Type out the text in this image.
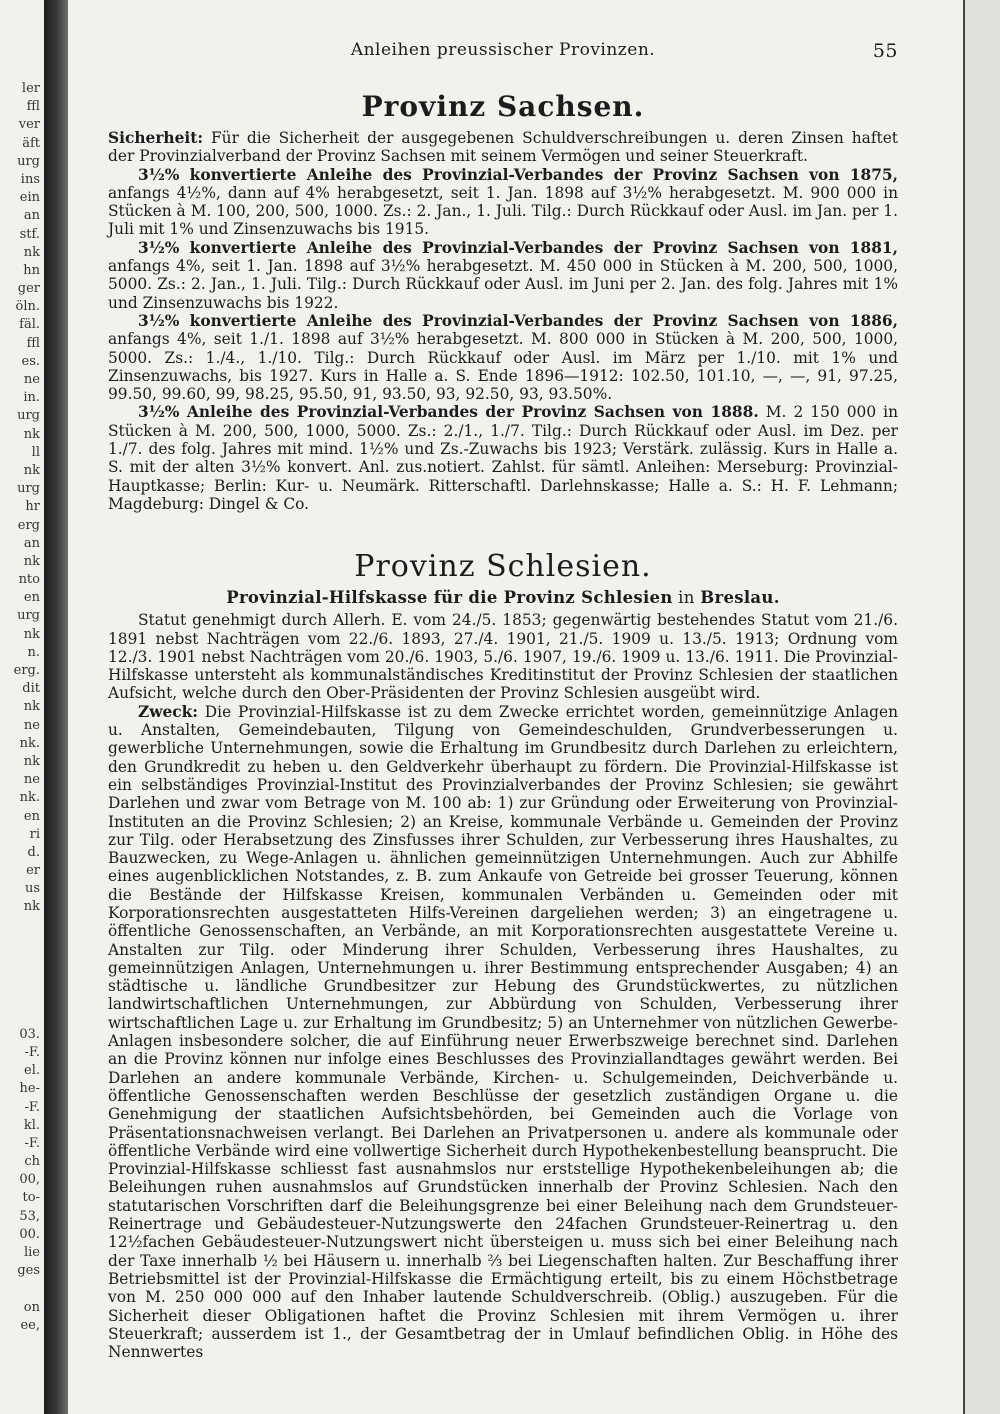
ler
ffl
ver
äft
urg
ins
ein
an
stf.
nk
hn
ger
öln.
fäl.
ffl
es.
ne
in.
urg
nk
ll
nk
urg
hr
erg
an
nk
nto
en
urg
nk
n.
erg.
dit
nk
ne
nk.
nk
ne
nk.
en
ri
d.
er
us
nk
03.
-F.
el.
he-
-F.
kl.
-F.
ch
00,
to-
53,
00.
lie
ges
on
ee,
Anleihen preussischer Provinzen.	55
Provinz Sachsen.

Sicherheit: Für die Sicherheit der ausgegebenen Schuldverschreibungen u. deren Zinsen haftet der Provinzialverband der Provinz Sachsen mit seinem Vermögen und seiner Steuerkraft.

3½% konvertierte Anleihe des Provinzial-Verbandes der Provinz Sachsen von 1875, anfangs 4½%, dann auf 4% herabgesetzt, seit 1. Jan. 1898 auf 3½% herabgesetzt. M. 900 000 in Stücken à M. 100, 200, 500, 1000. Zs.: 2. Jan., 1. Juli. Tilg.: Durch Rückkauf oder Ausl. im Jan. per 1. Juli mit 1% und Zinsenzuwachs bis 1915.

3½% konvertierte Anleihe des Provinzial-Verbandes der Provinz Sachsen von 1881, anfangs 4%, seit 1. Jan. 1898 auf 3½% herabgesetzt. M. 450 000 in Stücken à M. 200, 500, 1000, 5000. Zs.: 2. Jan., 1. Juli. Tilg.: Durch Rückkauf oder Ausl. im Juni per 2. Jan. des folg. Jahres mit 1% und Zinsenzuwachs bis 1922.

3½% konvertierte Anleihe des Provinzial-Verbandes der Provinz Sachsen von 1886, anfangs 4%, seit 1./1. 1898 auf 3½% herabgesetzt. M. 800 000 in Stücken à M. 200, 500, 1000, 5000. Zs.: 1./4., 1./10. Tilg.: Durch Rückkauf oder Ausl. im März per 1./10. mit 1% und Zinsenzuwachs, bis 1927. Kurs in Halle a. S. Ende 1896—1912: 102.50, 101.10, —, —, 91, 97.25, 99.50, 99.60, 99, 98.25, 95.50, 91, 93.50, 93, 92.50, 93, 93.50%.

3½% Anleihe des Provinzial-Verbandes der Provinz Sachsen von 1888. M. 2 150 000 in Stücken à M. 200, 500, 1000, 5000. Zs.: 2./1., 1./7. Tilg.: Durch Rückkauf oder Ausl. im Dez. per 1./7. des folg. Jahres mit mind. 1½% und Zs.-Zuwachs bis 1923; Verstärk. zulässig. Kurs in Halle a. S. mit der alten 3½% konvert. Anl. zus.notiert. Zahlst. für sämtl. Anleihen: Merseburg: Provinzial-Hauptkasse; Berlin: Kur- u. Neumärk. Ritterschaftl. Darlehnskasse; Halle a. S.: H. F. Lehmann; Magdeburg: Dingel & Co.

Provinz Schlesien.
Provinzial-Hilfskasse für die Provinz Schlesien in Breslau.

Statut genehmigt durch Allerh. E. vom 24./5. 1853; gegenwärtig bestehendes Statut vom 21./6. 1891 nebst Nachträgen vom 22./6. 1893, 27./4. 1901, 21./5. 1909 u. 13./5. 1913; Ordnung vom 12./3. 1901 nebst Nachträgen vom 20./6. 1903, 5./6. 1907, 19./6. 1909 u. 13./6. 1911. Die Provinzial-Hilfskasse untersteht als kommunalständisches Kreditinstitut der Provinz Schlesien der staatlichen Aufsicht, welche durch den Ober-Präsidenten der Provinz Schlesien ausgeübt wird.

Zweck: Die Provinzial-Hilfskasse ist zu dem Zwecke errichtet worden, gemeinnützige Anlagen u. Anstalten, Gemeindebauten, Tilgung von Gemeindeschulden, Grundverbesserungen u. gewerbliche Unternehmungen, sowie die Erhaltung im Grundbesitz durch Darlehen zu erleichtern, den Grundkredit zu heben u. den Geldverkehr überhaupt zu fördern. Die Provinzial-Hilfskasse ist ein selbständiges Provinzial-Institut des Provinzialverbandes der Provinz Schlesien; sie gewährt Darlehen und zwar vom Betrage von M. 100 ab: 1) zur Gründung oder Erweiterung von Provinzial-Instituten an die Provinz Schlesien; 2) an Kreise, kommunale Verbände u. Gemeinden der Provinz zur Tilg. oder Herabsetzung des Zinsfusses ihrer Schulden, zur Verbesserung ihres Haushaltes, zu Bauzwecken, zu Wege-Anlagen u. ähnlichen gemeinnützigen Unternehmungen. Auch zur Abhilfe eines augenblicklichen Notstandes, z. B. zum Ankaufe von Getreide bei grosser Teuerung, können die Bestände der Hilfskasse Kreisen, kommunalen Verbänden u. Gemeinden oder mit Korporationsrechten ausgestatteten Hilfs-Vereinen dargeliehen werden; 3) an eingetragene u. öffentliche Genossenschaften, an Verbände, an mit Korporationsrechten ausgestattete Vereine u. Anstalten zur Tilg. oder Minderung ihrer Schulden, Verbesserung ihres Haushaltes, zu gemeinnützigen Anlagen, Unternehmungen u. ihrer Bestimmung entsprechender Ausgaben; 4) an städtische u. ländliche Grundbesitzer zur Hebung des Grundstückwertes, zu nützlichen landwirtschaftlichen Unternehmungen, zur Abbürdung von Schulden, Verbesserung ihrer wirtschaftlichen Lage u. zur Erhaltung im Grundbesitz; 5) an Unternehmer von nützlichen Gewerbe-Anlagen insbesondere solcher, die auf Einführung neuer Erwerbszweige berechnet sind. Darlehen an die Provinz können nur infolge eines Beschlusses des Provinziallandtages gewährt werden. Bei Darlehen an andere kommunale Verbände, Kirchen- u. Schulgemeinden, Deichverbände u. öffentliche Genossenschaften werden Beschlüsse der gesetzlich zuständigen Organe u. die Genehmigung der staatlichen Aufsichtsbehörden, bei Gemeinden auch die Vorlage von Präsentationsnachweisen verlangt. Bei Darlehen an Privatpersonen u. andere als kommunale oder öffentliche Verbände wird eine vollwertige Sicherheit durch Hypothekenbestellung beansprucht. Die Provinzial-Hilfskasse schliesst fast ausnahmslos nur erststellige Hypothekenbeleihungen ab; die Beleihungen ruhen ausnahmslos auf Grundstücken innerhalb der Provinz Schlesien. Nach den statutarischen Vorschriften darf die Beleihungsgrenze bei einer Beleihung nach dem Grundsteuer-Reinertrage und Gebäudesteuer-Nutzungswerte den 24fachen Grundsteuer-Reinertrag u. den 12½fachen Gebäudesteuer-Nutzungswert nicht übersteigen u. muss sich bei einer Beleihung nach der Taxe innerhalb ½ bei Häusern u. innerhalb ⅔ bei Liegenschaften halten. Zur Beschaffung ihrer Betriebsmittel ist der Provinzial-Hilfskasse die Ermächtigung erteilt, bis zu einem Höchstbetrage von M. 250 000 000 auf den Inhaber lautende Schuldverschreib. (Oblig.) auszugeben. Für die Sicherheit dieser Obligationen haftet die Provinz Schlesien mit ihrem Vermögen u. ihrer Steuerkraft; ausserdem ist 1., der Gesamtbetrag der in Umlauf befindlichen Oblig. in Höhe des Nennwertes
